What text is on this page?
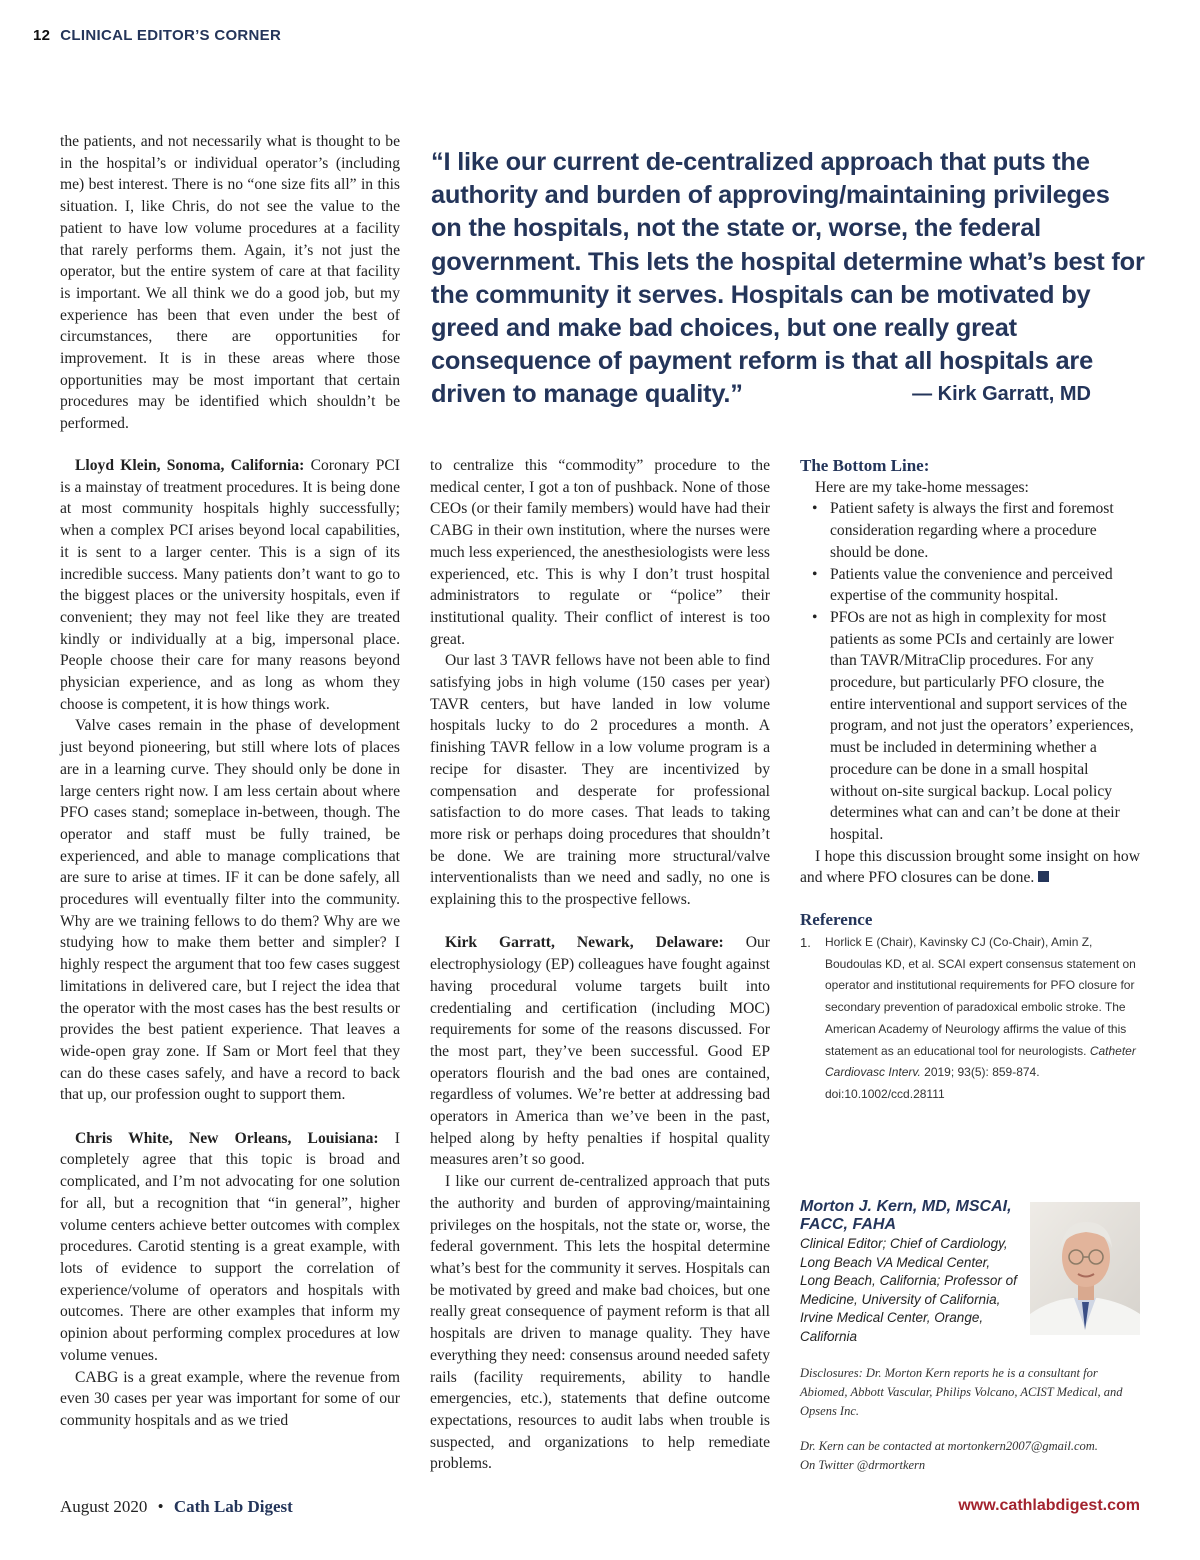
12 CLINICAL EDITOR’S CORNER

the patients, and not necessarily what is thought to be in the hospital’s or individual operator’s (including me) best interest. There is no “one size fits all” in this situation. I, like Chris, do not see the value to the patient to have low volume procedures at a facility that rarely performs them. Again, it’s not just the operator, but the entire system of care at that facility is important. We all think we do a good job, but my experience has been that even under the best of circumstances, there are opportunities for improvement. It is in these areas where those opportunities may be most important that certain procedures may be identified which shouldn’t be performed.

“I like our current de-centralized approach that puts the authority and burden of approving/maintaining privileges on the hospitals, not the state or, worse, the federal government. This lets the hospital determine what’s best for the community it serves. Hospitals can be motivated by greed and make bad choices, but one really great consequence of payment reform is that all hospitals are driven to manage quality.”	— Kirk Garratt, MD

Lloyd Klein, Sonoma, California: Coronary PCI is a mainstay of treatment procedures. It is being done at most community hospitals highly successfully; when a complex PCI arises beyond local capabilities, it is sent to a larger center. This is a sign of its incredible success. Many patients don’t want to go to the biggest places or the university hospitals, even if convenient; they may not feel like they are treated kindly or individually at a big, impersonal place. People choose their care for many reasons beyond physician experience, and as long as whom they choose is competent, it is how things work.

Valve cases remain in the phase of development just beyond pioneering, but still where lots of places are in a learning curve. They should only be done in large centers right now. I am less certain about where PFO cases stand; someplace in-between, though. The operator and staff must be fully trained, be experienced, and able to manage complications that are sure to arise at times. IF it can be done safely, all procedures will eventually filter into the community. Why are we training fellows to do them? Why are we studying how to make them better and simpler? I highly respect the argument that too few cases suggest limitations in delivered care, but I reject the idea that the operator with the most cases has the best results or provides the best patient experience. That leaves a wide-open gray zone. If Sam or Mort feel that they can do these cases safely, and have a record to back that up, our profession ought to support them.

Chris White, New Orleans, Louisiana: I completely agree that this topic is broad and complicated, and I’m not advocating for one solution for all, but a recognition that “in general”, higher volume centers achieve better outcomes with complex procedures. Carotid stenting is a great example, with lots of evidence to support the correlation of experience/volume of operators and hospitals with outcomes. There are other examples that inform my opinion about performing complex procedures at low volume venues.

CABG is a great example, where the revenue from even 30 cases per year was important for some of our community hospitals and as we tried

to centralize this “commodity” procedure to the medical center, I got a ton of pushback. None of those CEOs (or their family members) would have had their CABG in their own institution, where the nurses were much less experienced, the anesthesiologists were less experienced, etc. This is why I don’t trust hospital administrators to regulate or “police” their institutional quality. Their conflict of interest is too great.

Our last 3 TAVR fellows have not been able to find satisfying jobs in high volume (150 cases per year) TAVR centers, but have landed in low volume hospitals lucky to do 2 procedures a month. A finishing TAVR fellow in a low volume program is a recipe for disaster. They are incentivized by compensation and desperate for professional satisfaction to do more cases. That leads to taking more risk or perhaps doing procedures that shouldn’t be done. We are training more structural/valve interventionalists than we need and sadly, no one is explaining this to the prospective fellows.

Kirk Garratt, Newark, Delaware: Our electrophysiology (EP) colleagues have fought against having procedural volume targets built into credentialing and certification (including MOC) requirements for some of the reasons discussed. For the most part, they’ve been successful. Good EP operators flourish and the bad ones are contained, regardless of volumes. We’re better at addressing bad operators in America than we’ve been in the past, helped along by hefty penalties if hospital quality measures aren’t so good.

I like our current de-centralized approach that puts the authority and burden of approving/maintaining privileges on the hospitals, not the state or, worse, the federal government. This lets the hospital determine what’s best for the community it serves. Hospitals can be motivated by greed and make bad choices, but one really great consequence of payment reform is that all hospitals are driven to manage quality. They have everything they need: consensus around needed safety rails (facility requirements, ability to handle emergencies, etc.), statements that define outcome expectations, resources to audit labs when trouble is suspected, and organizations to help remediate problems.

The Bottom Line:

Here are my take-home messages:

• Patient safety is always the first and foremost consideration regarding where a procedure should be done.
• Patients value the convenience and perceived expertise of the community hospital.
• PFOs are not as high in complexity for most patients as some PCIs and certainly are lower than TAVR/MitraClip procedures. For any procedure, but particularly PFO closure, the entire interventional and support services of the program, and not just the operators’ experiences, must be included in determining whether a procedure can be done in a small hospital without on-site surgical backup. Local policy determines what can and can’t be done at their hospital.

I hope this discussion brought some insight on how and where PFO closures can be done.

Reference
1. Horlick E (Chair), Kavinsky CJ (Co-Chair), Amin Z, Boudoulas KD, et al. SCAI expert consensus statement on operator and institutional requirements for PFO closure for secondary prevention of paradoxical embolic stroke. The American Academy of Neurology affirms the value of this statement as an educational tool for neurologists. Catheter Cardiovasc Interv. 2019; 93(5): 859-874. doi:10.1002/ccd.28111
Morton J. Kern, MD, MSCAI, FACC, FAHA
Clinical Editor; Chief of Cardiology, Long Beach VA Medical Center, Long Beach, California; Professor of Medicine, University of California, Irvine Medical Center, Orange, California
Disclosures: Dr. Morton Kern reports he is a consultant for Abiomed, Abbott Vascular, Philips Volcano, ACIST Medical, and Opsens Inc.
Dr. Kern can be contacted at mortonkern2007@gmail.com.
On Twitter @drmortkern
August 2020 • Cath Lab Digest	www.cathlabdigest.com
